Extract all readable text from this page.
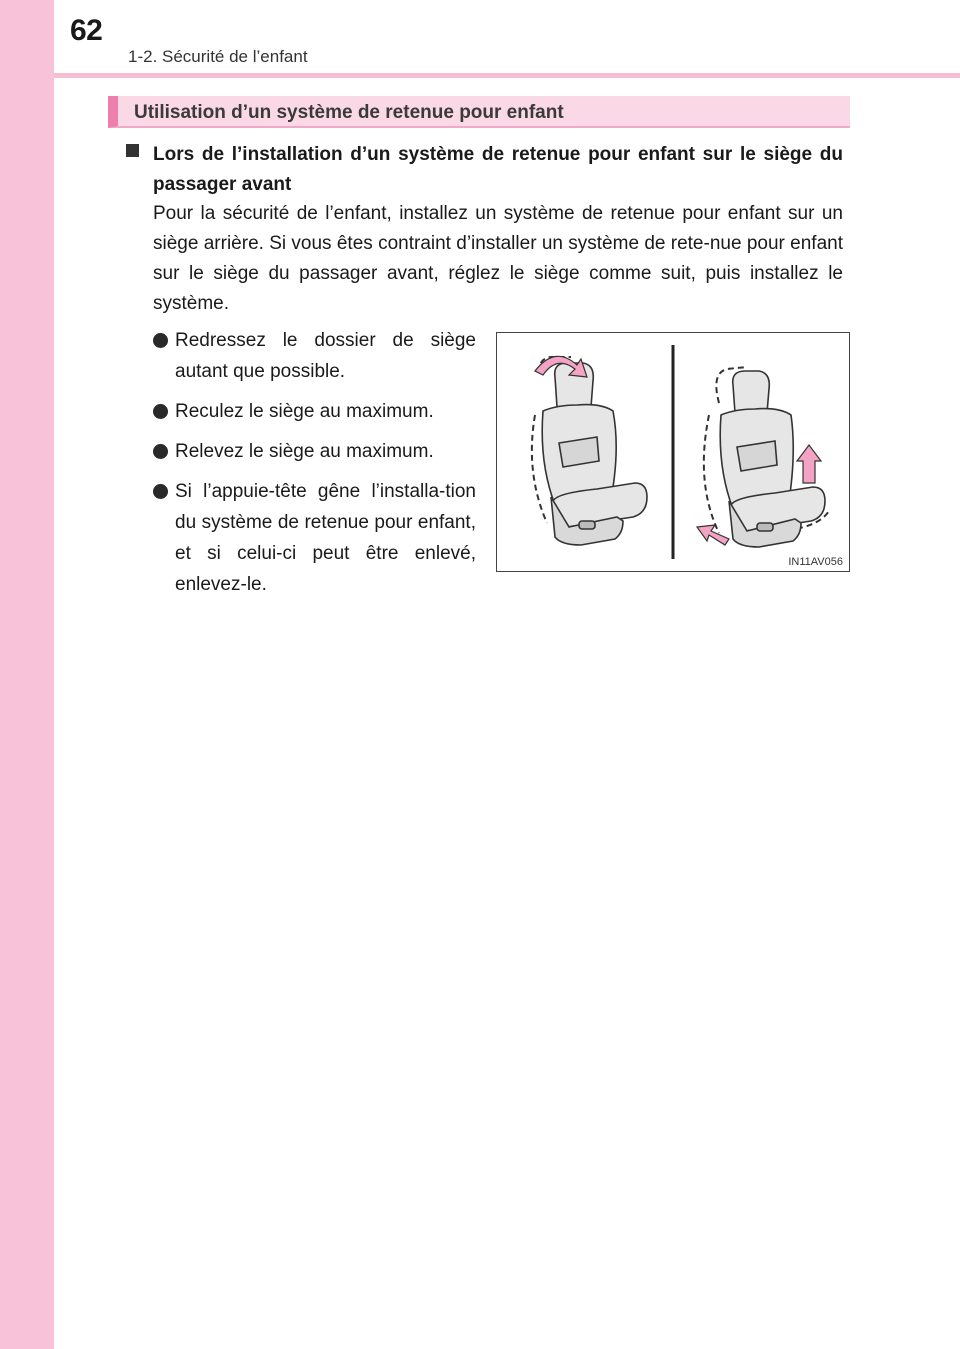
62
1-2. Sécurité de l’enfant
Utilisation d’un système de retenue pour enfant
Lors de l’installation d’un système de retenue pour enfant sur le siège du passager avant
Pour la sécurité de l’enfant, installez un système de retenue pour enfant sur un siège arrière. Si vous êtes contraint d’installer un système de rete-nue pour enfant sur le siège du passager avant, réglez le siège comme suit, puis installez le système.
Redressez le dossier de siège autant que possible.
Reculez le siège au maximum.
Relevez le siège au maximum.
Si l’appuie-tête gêne l’installa-tion du système de retenue pour enfant, et si celui-ci peut être enlevé, enlevez-le.
IN11AV056
